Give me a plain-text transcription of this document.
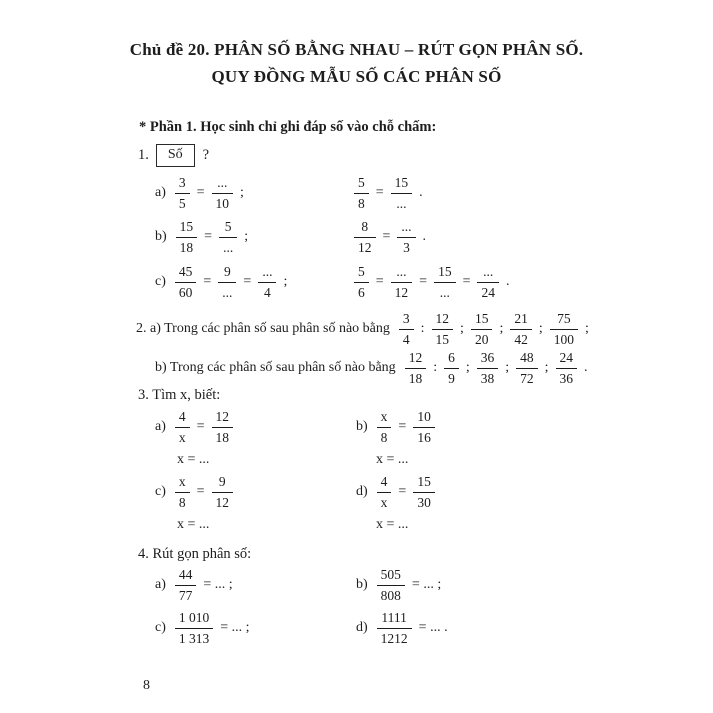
Chủ đề 20. PHÂN SỐ BẰNG NHAU – RÚT GỌN PHÂN SỐ.
QUY ĐỒNG MẪU SỐ CÁC PHÂN SỐ
* Phần 1. Học sinh chỉ ghi đáp số vào chỗ chấm:
1.	Số	?
$a) \frac{3}{5} = \frac{...}{10}$ ;	$\frac{5}{8} = \frac{15}{...}$ .
$b) \frac{15}{18} = \frac{5}{...}$ ;	$\frac{8}{12} = \frac{...}{3}$ .
$c) \frac{45}{60} = \frac{9}{...} = \frac{...}{4}$ ;	$\frac{5}{6} = \frac{...}{12} = \frac{15}{...} = \frac{...}{24}$ .
2. a) Trong các phân số sau phân số nào bằng $\frac{3}{4}$ : $\frac{12}{15}$ ; $\frac{15}{20}$ ; $\frac{21}{42}$ ; $\frac{75}{100}$ ;
b) Trong các phân số sau phân số nào bằng $\frac{12}{18}$ : $\frac{6}{9}$ ; $\frac{36}{38}$ ; $\frac{48}{72}$ ; $\frac{24}{36}$ .
3. Tìm x, biết:
$a) \frac{4}{x} = \frac{12}{18}$	$b) \frac{x}{8} = \frac{10}{16}$
x = ...	x = ...
$c) \frac{x}{8} = \frac{9}{12}$	$d) \frac{4}{x} = \frac{15}{30}$
x = ...	x = ...
4. Rút gọn phân số:
$a) \frac{44}{77}$ = ... ;	$b) \frac{505}{808}$ = ... ;
$c) \frac{1 010}{1 313}$ = ... ;	$d) \frac{1111}{1212}$ = ... .
8
